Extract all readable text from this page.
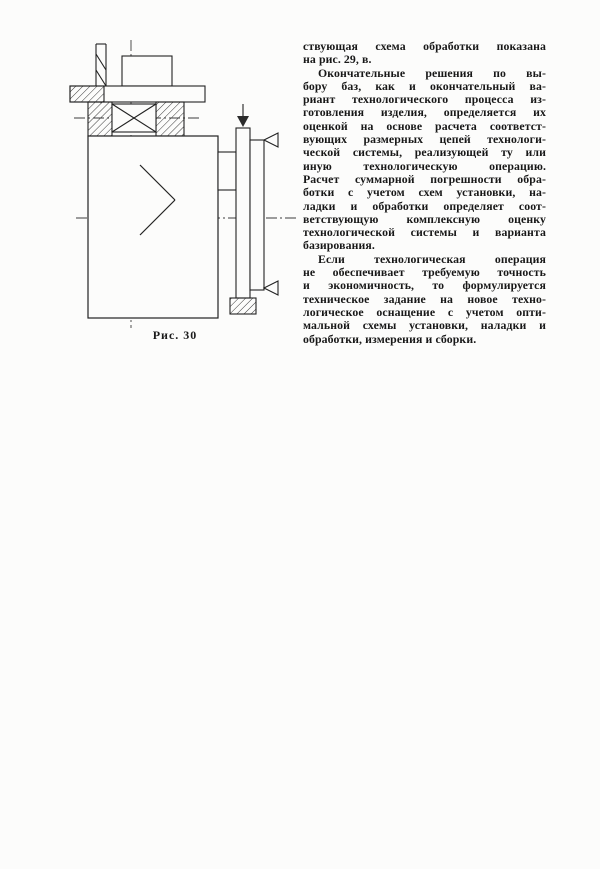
Рис. 30
ствующая схема обработки показана
на рис. 29, в.
Окончательные решения по вы-
бору баз, как и окончательный ва-
риант технологического процесса из-
готовления изделия, определяется их
оценкой на основе расчета соответст-
вующих размерных цепей технологи-
ческой системы, реализующей ту или
иную технологическую операцию.
Расчет суммарной погрешности обра-
ботки с учетом схем установки, на-
ладки и обработки определяет соот-
ветствующую комплексную оценку
технологической системы и варианта
базирования.
Если технологическая операция
не обеспечивает требуемую точность
и экономичность, то формулируется
техническое задание на новое техно-
логическое оснащение с учетом опти-
мальной схемы установки, наладки и
обработки, измерения и сборки.
